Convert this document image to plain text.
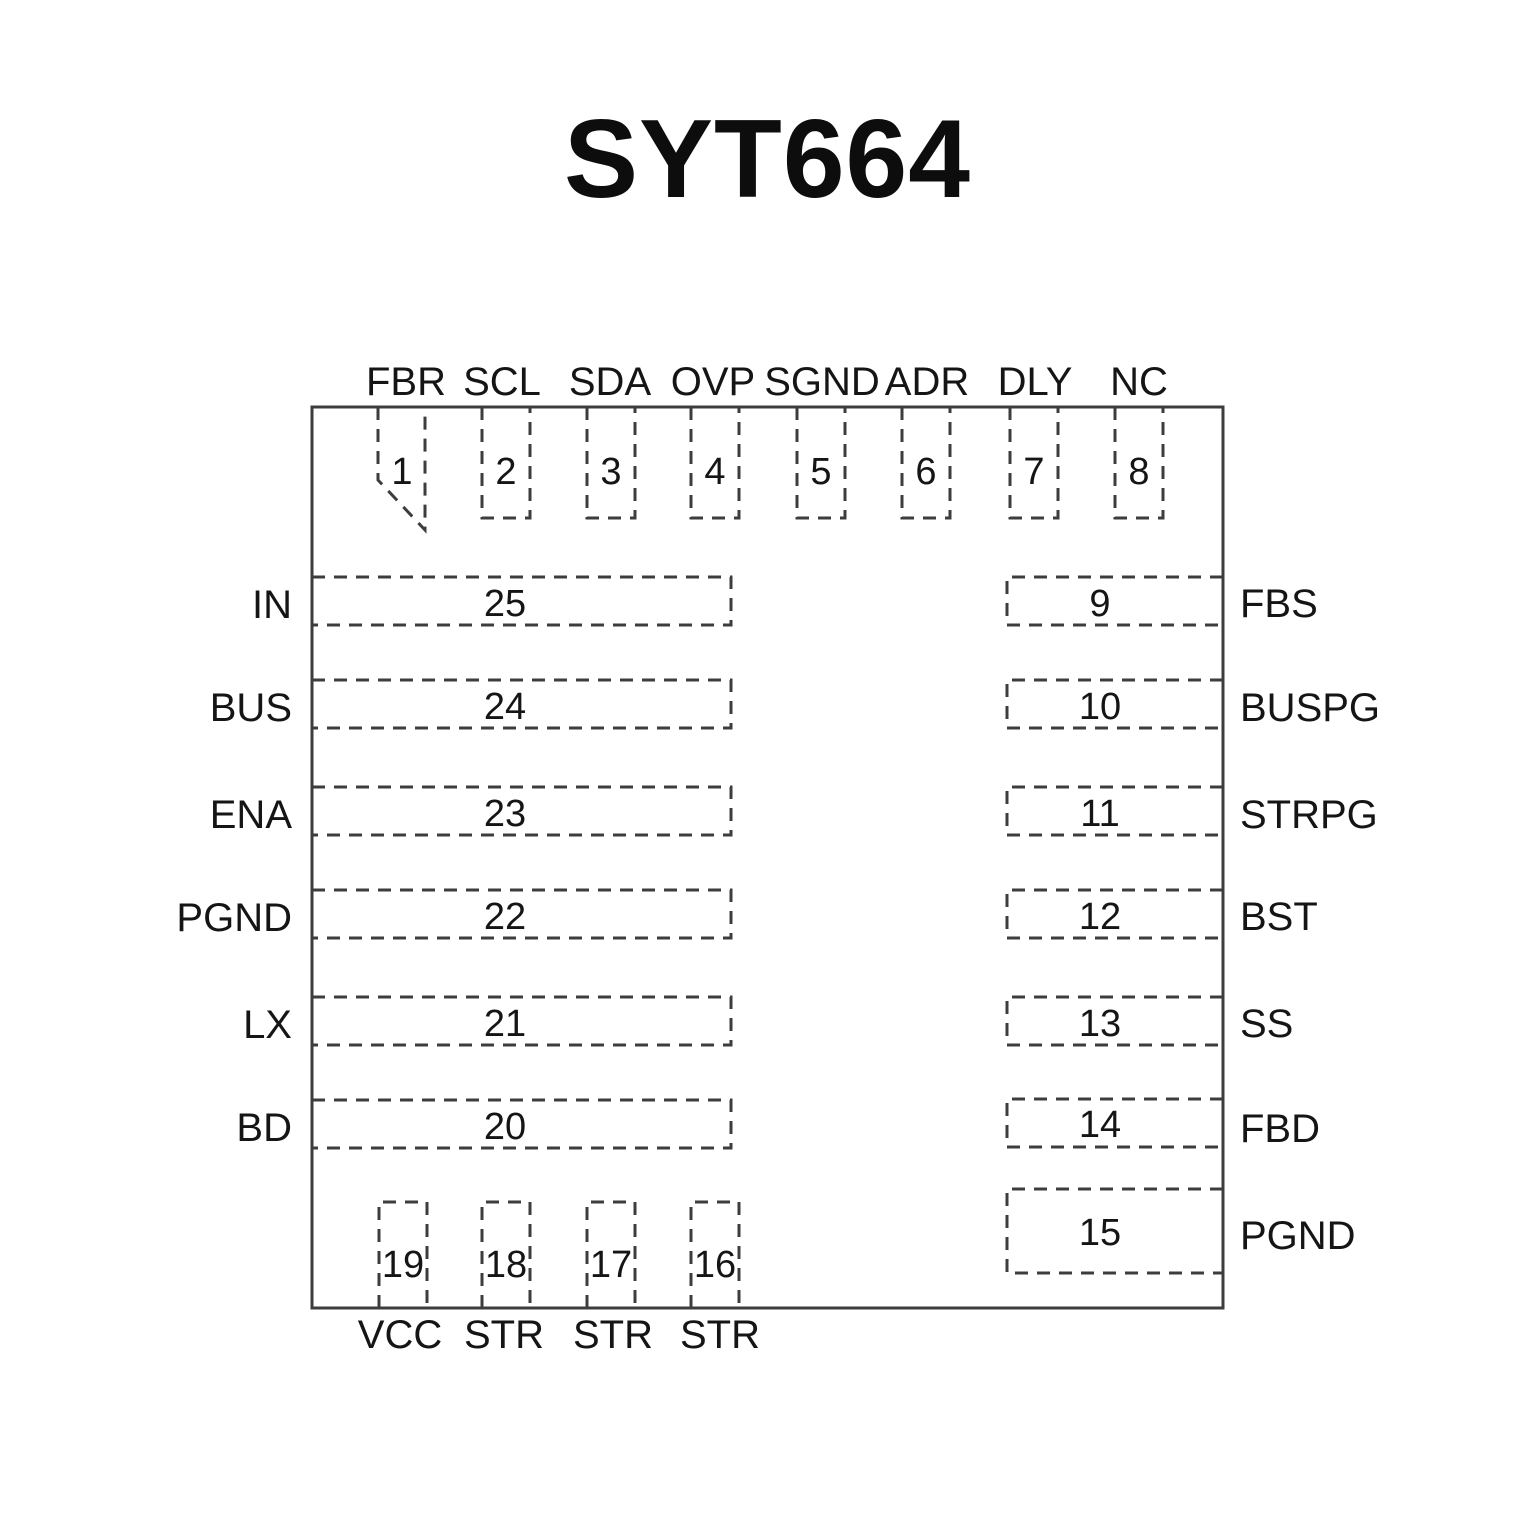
SYT664
1 2 3 4 5 6 7 8
25
24
23
22
21
20
9
10
11
12
13
14
15
19 18 17 16
FBR SCL SDA OVP SGND ADR DLY NC
IN
BUS
ENA
PGND
LX
BD
FBS
BUSPG
STRPG
BST
SS
FBD
PGND
VCC STR STR STR
